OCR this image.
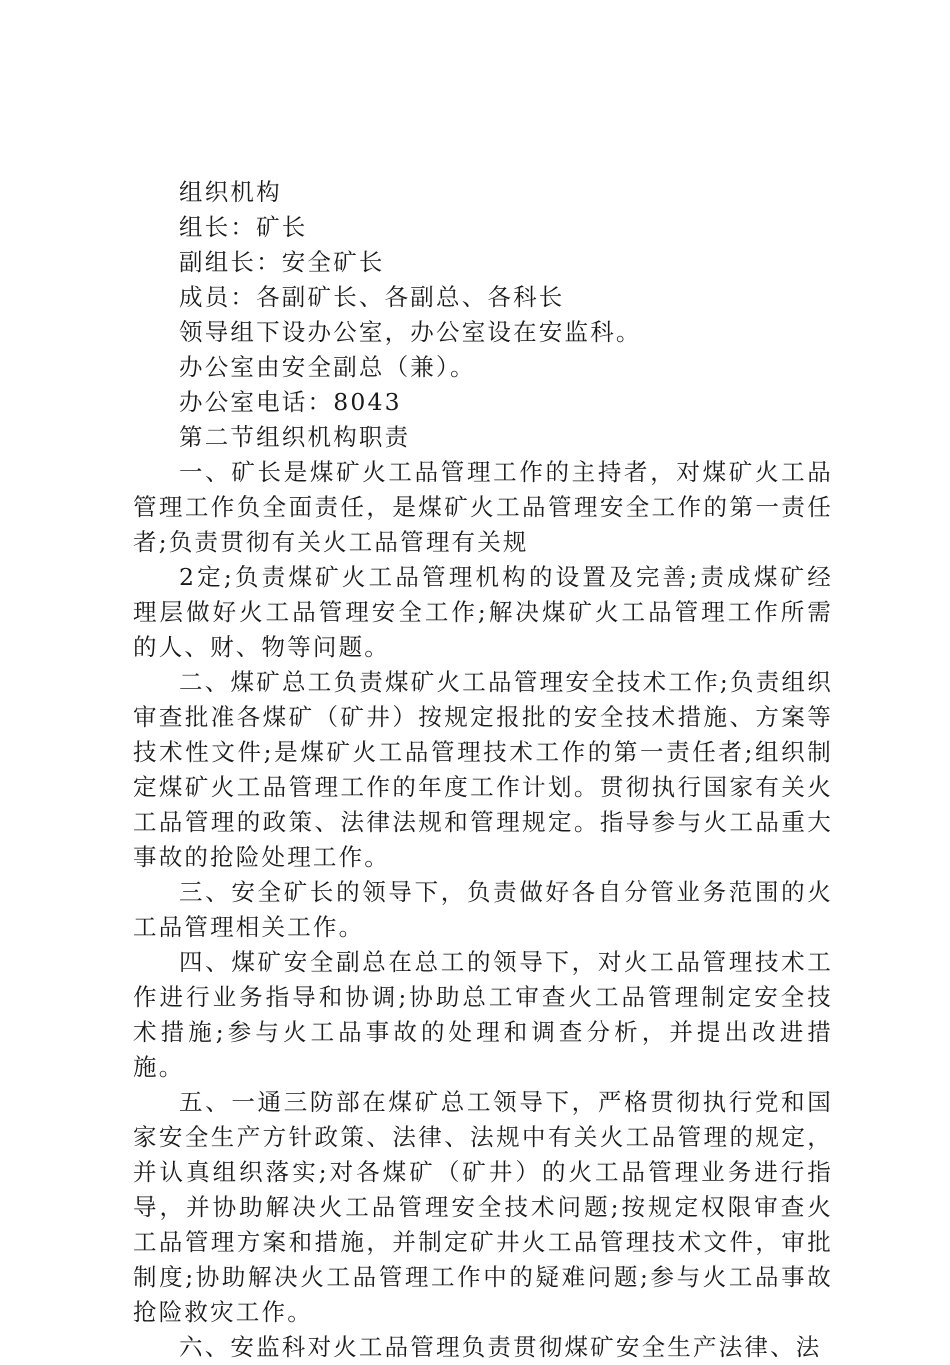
组织机构
组长：矿长
副组长：安全矿长
成员：各副矿长、各副总、各科长
领导组下设办公室，办公室设在安监科。
办公室由安全副总（兼）。
办公室电话：8043
第二节组织机构职责
一、矿长是煤矿火工品管理工作的主持者，对煤矿火工品管理工作负全面责任，是煤矿火工品管理安全工作的第一责任者;负责贯彻有关火工品管理有关规
2定;负责煤矿火工品管理机构的设置及完善;责成煤矿经理层做好火工品管理安全工作;解决煤矿火工品管理工作所需的人、财、物等问题。
二、煤矿总工负责煤矿火工品管理安全技术工作;负责组织审查批准各煤矿（矿井）按规定报批的安全技术措施、方案等技术性文件;是煤矿火工品管理技术工作的第一责任者;组织制定煤矿火工品管理工作的年度工作计划。贯彻执行国家有关火工品管理的政策、法律法规和管理规定。指导参与火工品重大事故的抢险处理工作。
三、安全矿长的领导下，负责做好各自分管业务范围的火工品管理相关工作。
四、煤矿安全副总在总工的领导下，对火工品管理技术工作进行业务指导和协调;协助总工审查火工品管理制定安全技术措施;参与火工品事故的处理和调查分析，并提出改进措施。
五、一通三防部在煤矿总工领导下，严格贯彻执行党和国家安全生产方针政策、法律、法规中有关火工品管理的规定，并认真组织落实;对各煤矿（矿井）的火工品管理业务进行指导，并协助解决火工品管理安全技术问题;按规定权限审查火工品管理方案和措施，并制定矿井火工品管理技术文件，审批制度;协助解决火工品管理工作中的疑难问题;参与火工品事故抢险救灾工作。
六、安监科对火工品管理负责贯彻煤矿安全生产法律、法
